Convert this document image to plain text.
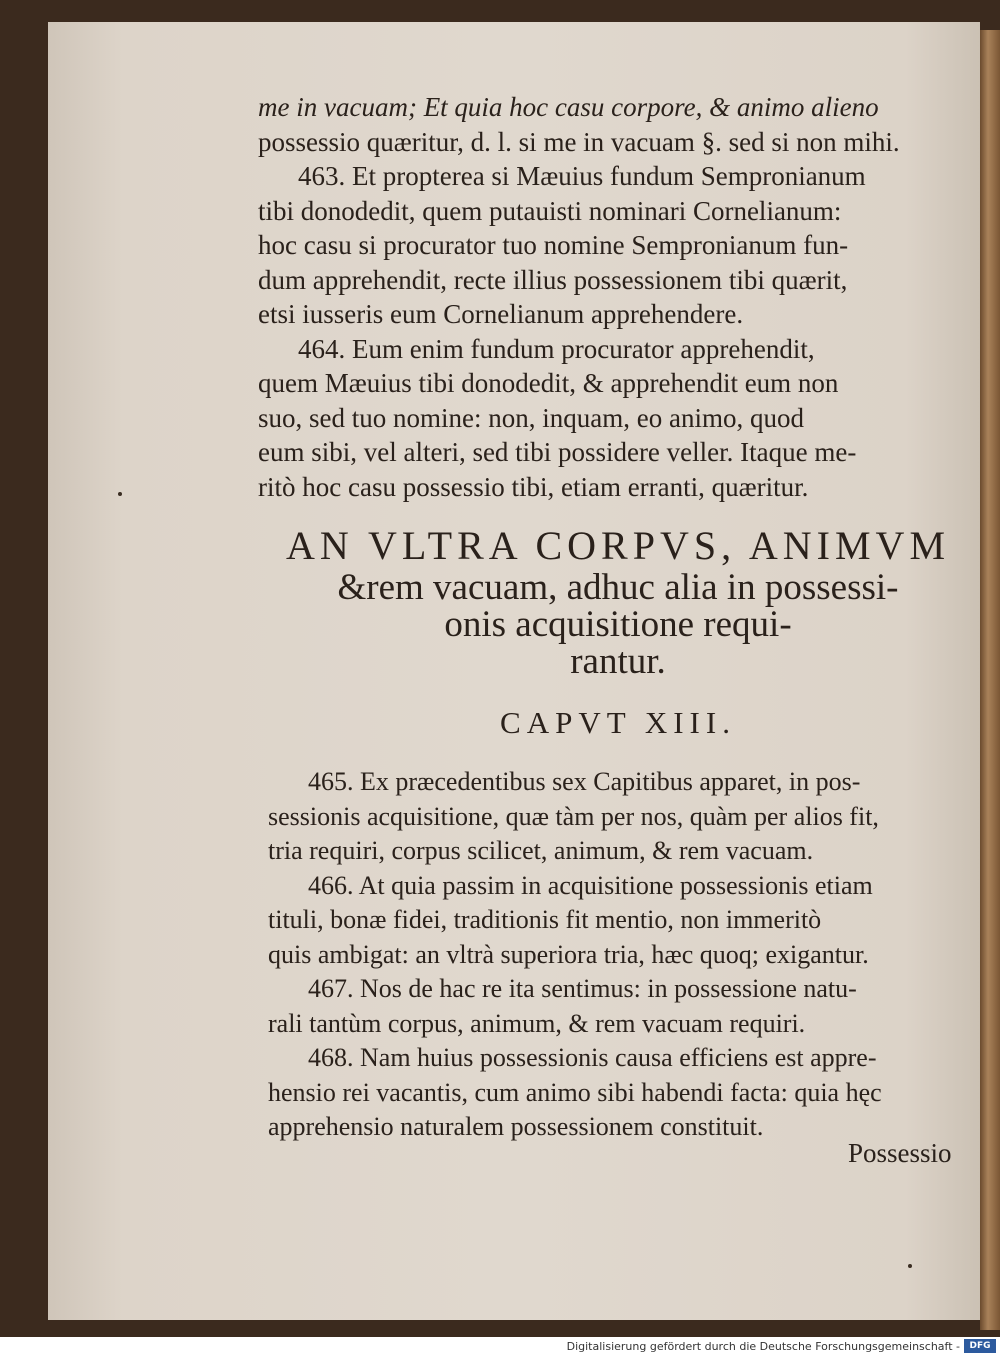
me in vacuam; Et quia hoc casu corpore, & animo alieno
possessio quæritur, d. l. si me in vacuam §. sed si non mihi.
463. Et propterea si Mæuius fundum Sempronianum
tibi donodedit, quem putauisti nominari Cornelianum:
hoc casu si procurator tuo nomine Sempronianum fun-
dum apprehendit, recte illius possessionem tibi quærit,
etsi iusseris eum Cornelianum apprehendere.
464. Eum enim fundum procurator apprehendit,
quem Mæuius tibi donodedit, & apprehendit eum non
suo, sed tuo nomine: non, inquam, eo animo, quod
eum sibi, vel alteri, sed tibi possidere veller. Itaque me-
ritò hoc casu possessio tibi, etiam erranti, quæritur.
AN VLTRA CORPVS, ANIMVM
&rem vacuam, adhuc alia in possessi-
onis acquisitione requi-
rantur.
CAPVT XIII.
465. Ex præcedentibus sex Capitibus apparet, in pos-
sessionis acquisitione, quæ tàm per nos, quàm per alios fit,
tria requiri, corpus scilicet, animum, & rem vacuam.
466. At quia passim in acquisitione possessionis etiam
tituli, bonæ fidei, traditionis fit mentio, non immeritò
quis ambigat: an vltrà superiora tria, hæc quoq; exigantur.
467. Nos de hac re ita sentimus: in possessione natu-
rali tantùm corpus, animum, & rem vacuam requiri.
468. Nam huius possessionis causa efficiens est appre-
hensio rei vacantis, cum animo sibi habendi facta: quia hęc
apprehensio naturalem possessionem constituit.
Possessio
Digitalisierung gefördert durch die Deutsche Forschungsgemeinschaft -	DFG
